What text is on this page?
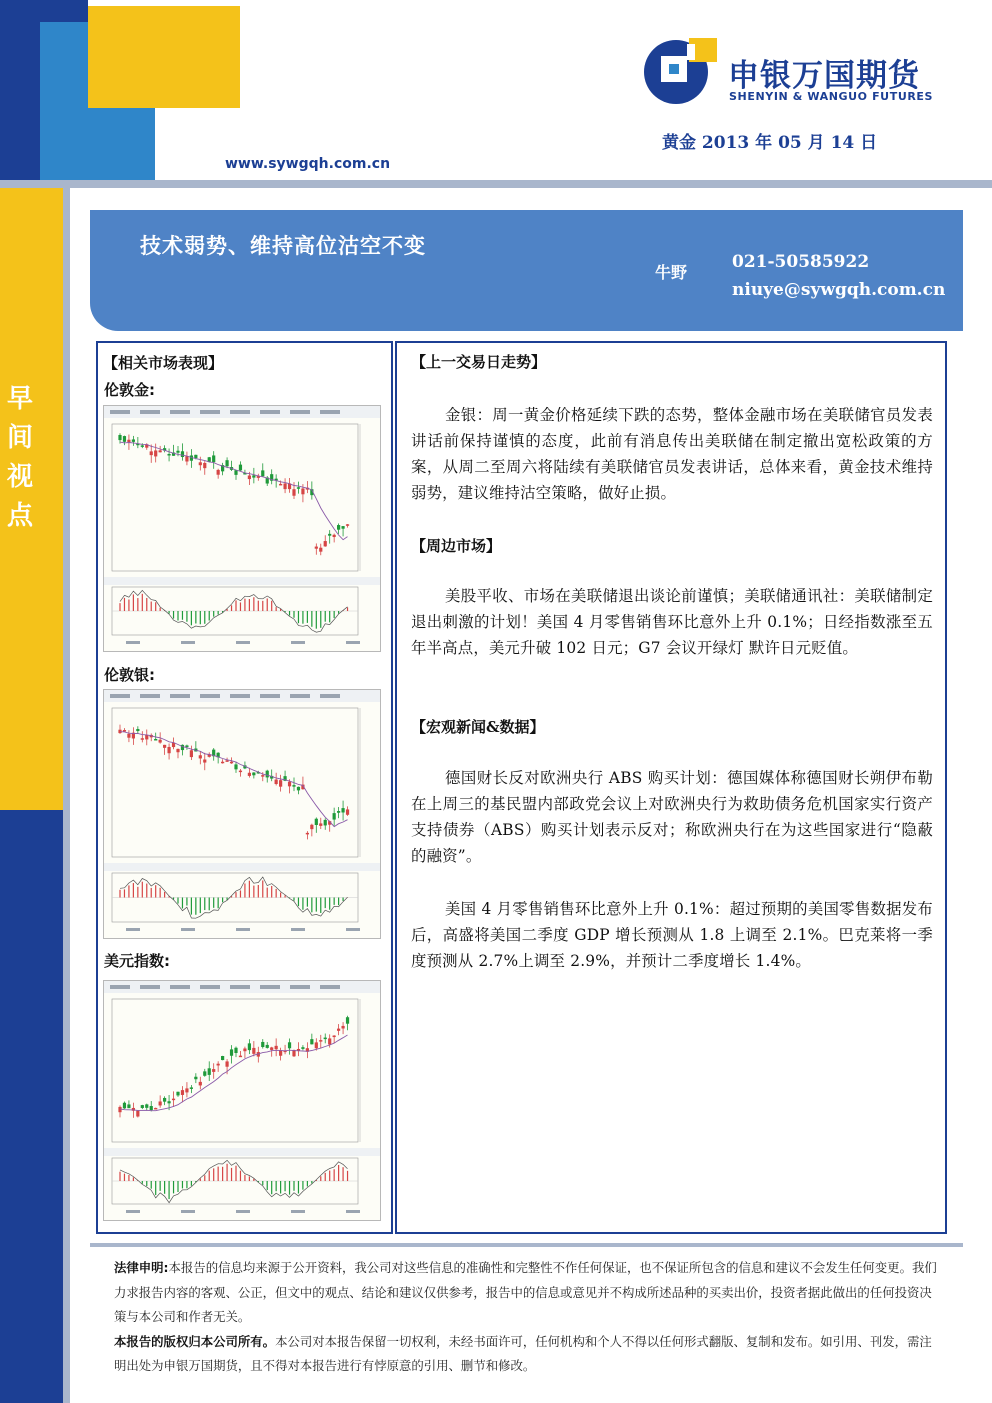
申银万国期货
SHENYIN & WANGUO FUTURES
黄金 2013 年 05 月 14 日
www.sywgqh.com.cn
早间视点
技术弱势、维持高位沽空不变
牛野
021-50585922
niuye@sywgqh.com.cn
【相关市场表现】
伦敦金:
伦敦银:
美元指数:
【上一交易日走势】
金银：周一黄金价格延续下跌的态势，整体金融市场在美联储官员发表讲话前保持谨慎的态度，此前有消息传出美联储在制定撤出宽松政策的方案，从周二至周六将陆续有美联储官员发表讲话，总体来看，黄金技术维持弱势，建议维持沽空策略，做好止损。
【周边市场】
美股平收、市场在美联储退出谈论前谨慎；美联储通讯社：美联储制定退出刺激的计划！美国 4 月零售销售环比意外上升 0.1%；日经指数涨至五年半高点，美元升破 102 日元；G7 会议开绿灯 默许日元贬值。
【宏观新闻&数据】
德国财长反对欧洲央行 ABS 购买计划：德国媒体称德国财长朔伊布勒在上周三的基民盟内部政党会议上对欧洲央行为救助债务危机国家实行资产支持债券（ABS）购买计划表示反对；称欧洲央行在为这些国家进行“隐蔽的融资”。
美国 4 月零售销售环比意外上升 0.1%：超过预期的美国零售数据发布后，高盛将美国二季度 GDP 增长预测从 1.8 上调至 2.1%。巴克莱将一季度预测从 2.7%上调至 2.9%，并预计二季度增长 1.4%。
法律申明:本报告的信息均来源于公开资料，我公司对这些信息的准确性和完整性不作任何保证，也不保证所包含的信息和建议不会发生任何变更。我们力求报告内容的客观、公正，但文中的观点、结论和建议仅供参考，报告中的信息或意见并不构成所述品种的买卖出价，投资者据此做出的任何投资决策与本公司和作者无关。
本报告的版权归本公司所有。本公司对本报告保留一切权利，未经书面许可，任何机构和个人不得以任何形式翻版、复制和发布。如引用、刊发，需注明出处为申银万国期货，且不得对本报告进行有悖原意的引用、删节和修改。
